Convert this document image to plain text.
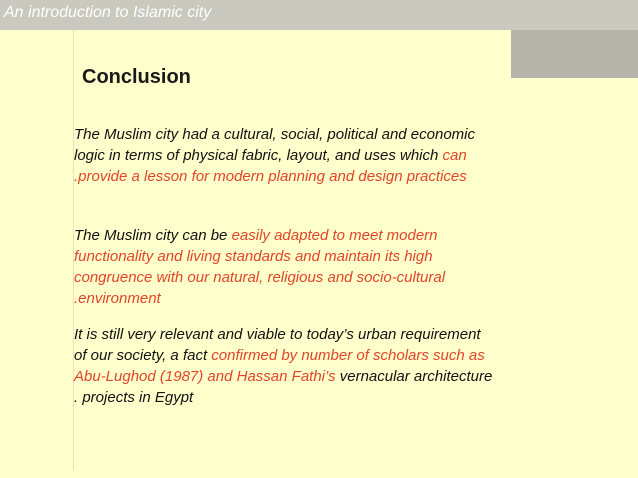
An introduction to Islamic city
Conclusion
The Muslim city had a cultural, social, political and economic
logic in terms of physical fabric, layout, and uses which can
.provide a lesson for modern planning and design practices
The Muslim city can be easily adapted to meet modern
functionality and living standards and maintain its high
congruence with our natural, religious and socio-cultural
.environment
It is still very relevant and viable to today’s urban requirement
of our society, a fact confirmed by number of scholars such as
Abu-Lughod (1987) and Hassan Fathi’s vernacular architecture
. projects in Egypt
